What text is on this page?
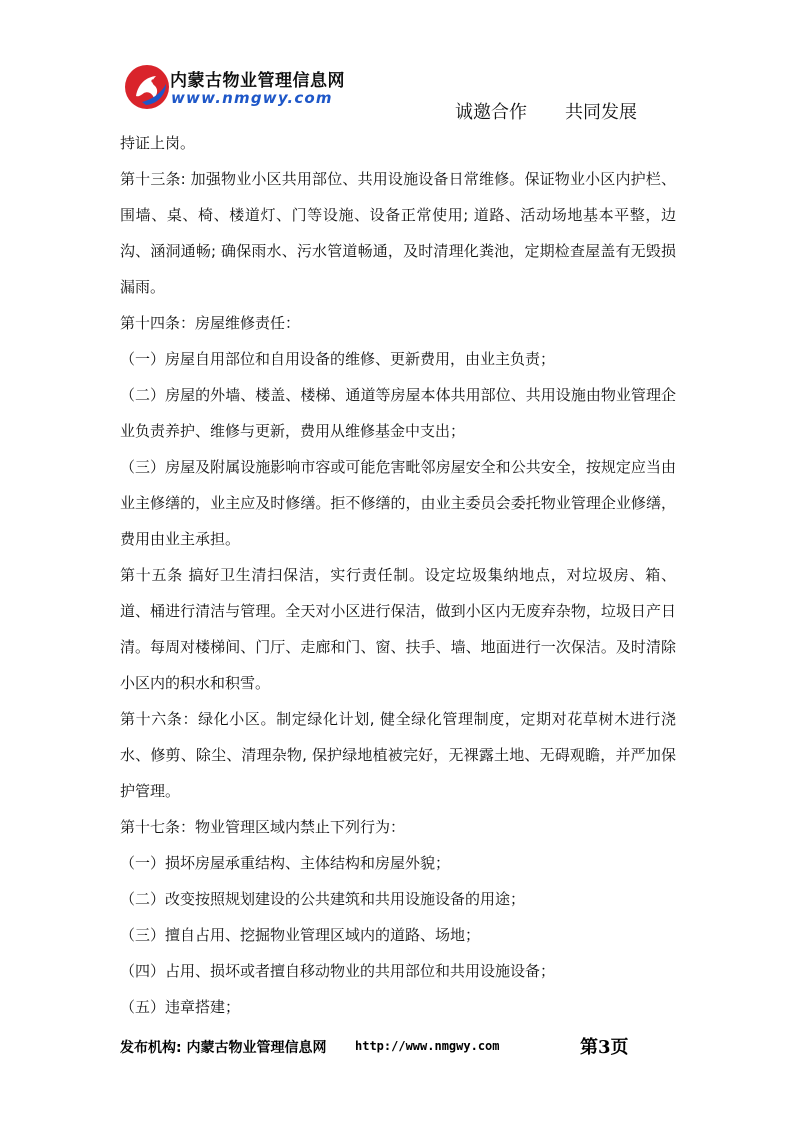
内蒙古物业管理信息网
www.nmgwy.com
诚邀合作 共同发展

持证上岗。

第十三条: 加强物业小区共用部位、共用设施设备日常维修。保证物业小区内护栏、围墙、桌、椅、楼道灯、门等设施、设备正常使用; 道路、活动场地基本平整，边沟、涵洞通畅; 确保雨水、污水管道畅通，及时清理化粪池，定期检查屋盖有无毁损漏雨。

第十四条：房屋维修责任：

（一）房屋自用部位和自用设备的维修、更新费用，由业主负责；

（二）房屋的外墙、楼盖、楼梯、通道等房屋本体共用部位、共用设施由物业管理企业负责养护、维修与更新，费用从维修基金中支出；

（三）房屋及附属设施影响市容或可能危害毗邻房屋安全和公共安全，按规定应当由业主修缮的，业主应及时修缮。拒不修缮的，由业主委员会委托物业管理企业修缮，费用由业主承担。

第十五条 搞好卫生清扫保洁，实行责任制。设定垃圾集纳地点，对垃圾房、箱、道、桶进行清洁与管理。全天对小区进行保洁，做到小区内无废弃杂物，垃圾日产日清。每周对楼梯间、门厅、走廊和门、窗、扶手、墙、地面进行一次保洁。及时清除小区内的积水和积雪。

第十六条：绿化小区。制定绿化计划, 健全绿化管理制度，定期对花草树木进行浇水、修剪、除尘、清理杂物, 保护绿地植被完好，无裸露土地、无碍观瞻，并严加保护管理。

第十七条：物业管理区域内禁止下列行为：

（一）损坏房屋承重结构、主体结构和房屋外貌；

（二）改变按照规划建设的公共建筑和共用设施设备的用途；

（三）擅自占用、挖掘物业管理区域内的道路、场地；

（四）占用、损坏或者擅自移动物业的共用部位和共用设施设备；

（五）违章搭建；

发布机构: 内蒙古物业管理信息网 http://www.nmgwy.com	第3页
